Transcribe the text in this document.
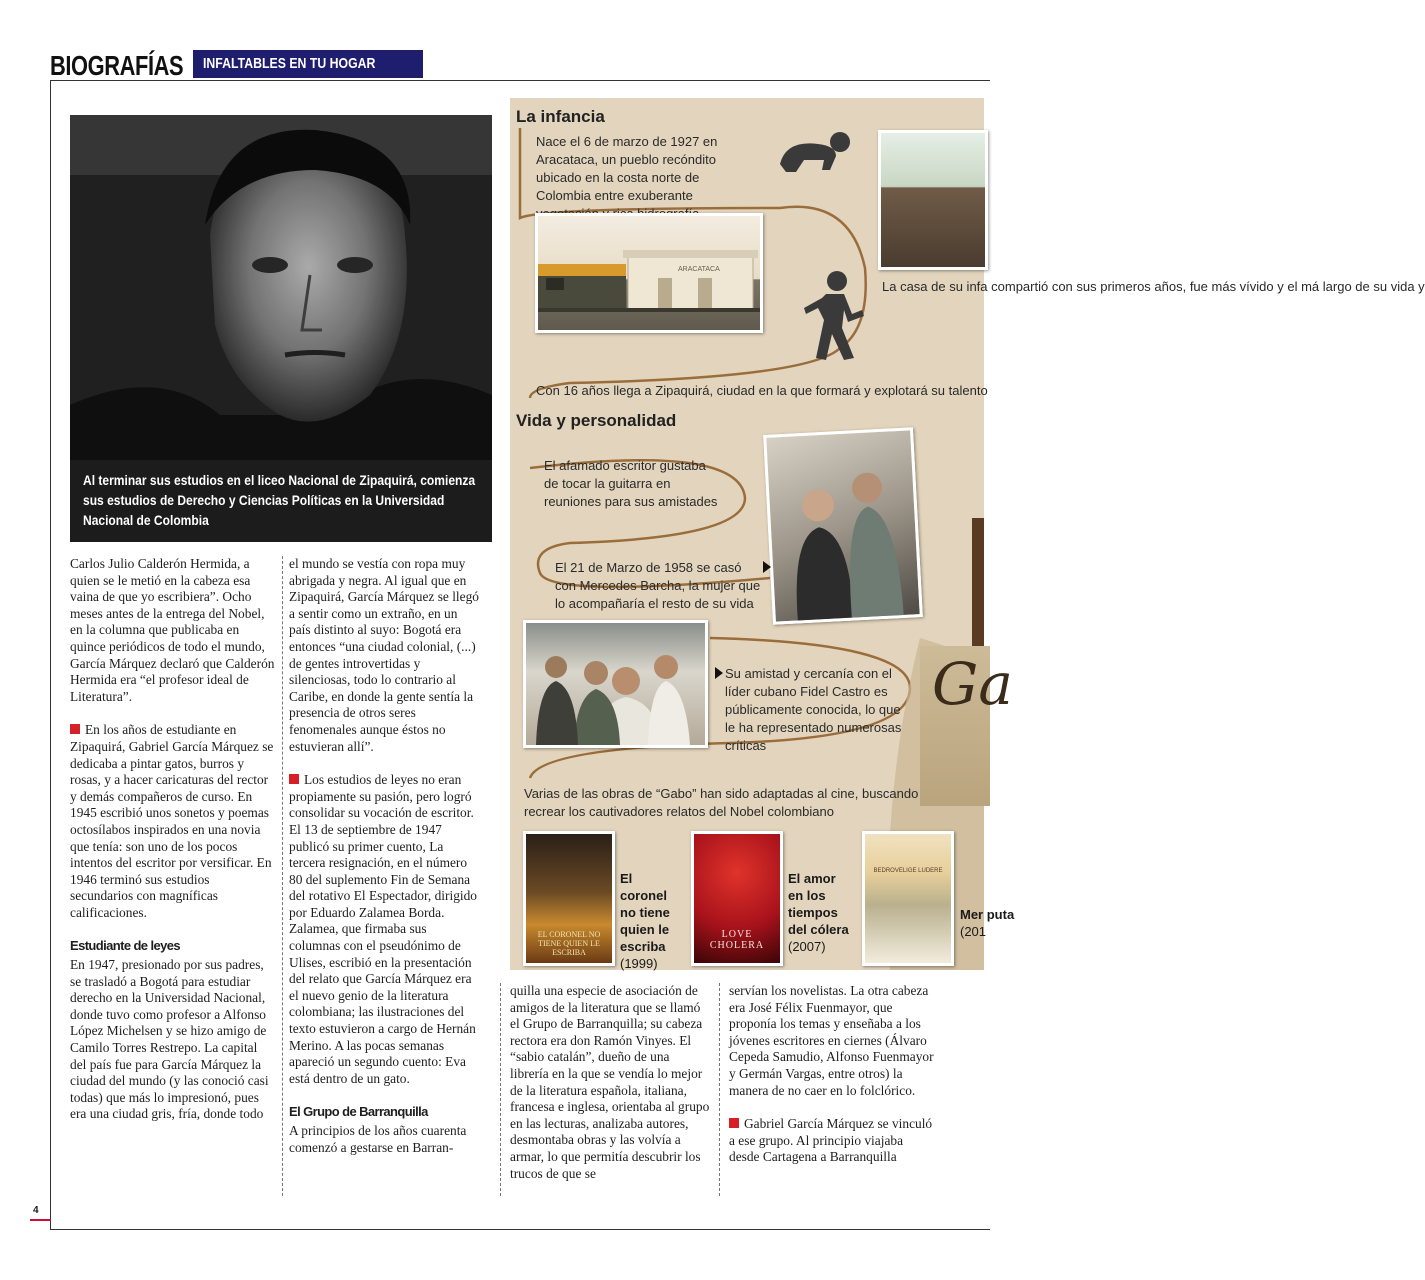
BIOGRAFÍAS	INFALTABLES EN TU HOGAR
4
Al terminar sus estudios en el liceo Nacional de Zipaquirá, comienza sus estudios de Derecho y Ciencias Políticas en la Universidad Nacional de Colombia

Carlos Julio Calderón Hermida, a quien se le metió en la cabeza esa vaina de que yo escribiera”. Ocho meses antes de la entrega del Nobel, en la columna que publicaba en quince periódicos de todo el mundo, García Márquez declaró que Calderón Hermida era “el profesor ideal de Literatura”.

En los años de estudiante en Zipaquirá, Gabriel García Márquez se dedicaba a pintar gatos, burros y rosas, y a hacer caricaturas del rector y demás compañeros de curso. En 1945 escribió unos sonetos y poemas octosílabos inspirados en una novia que tenía: son uno de los pocos intentos del escritor por versificar. En 1946 terminó sus estudios secundarios con magníficas calificaciones.

Estudiante de leyes

En 1947, presionado por sus padres, se trasladó a Bogotá para estudiar derecho en la Universidad Nacional, donde tuvo como profesor a Alfonso López Michelsen y se hizo amigo de Camilo Torres Restrepo. La capital del país fue para García Márquez la ciudad del mundo (y las conoció casi todas) que más lo impresionó, pues era una ciudad gris, fría, donde todo

el mundo se vestía con ropa muy abrigada y negra. Al igual que en Zipaquirá, García Márquez se llegó a sentir como un extraño, en un país distinto al suyo: Bogotá era entonces “una ciudad colonial, (...) de gentes introvertidas y silenciosas, todo lo contrario al Caribe, en donde la gente sentía la presencia de otros seres fenomenales aunque éstos no estuvieran allí”.

Los estudios de leyes no eran propiamente su pasión, pero logró consolidar su vocación de escritor. El 13 de septiembre de 1947 publicó su primer cuento, La tercera resignación, en el número 80 del suplemento Fin de Semana del rotativo El Espectador, dirigido por Eduardo Zalamea Borda. Zalamea, que firmaba sus columnas con el pseudónimo de Ulises, escribió en la presentación del relato que García Márquez era el nuevo genio de la literatura colombiana; las ilustraciones del texto estuvieron a cargo de Hernán Merino. A las pocas semanas apareció un segundo cuento: Eva está dentro de un gato.

El Grupo de Barranquilla

A principios de los años cuarenta comenzó a gestarse en Barran-

quilla una especie de asociación de amigos de la literatura que se llamó el Grupo de Barranquilla; su cabeza rectora era don Ramón Vinyes. El “sabio catalán”, dueño de una librería en la que se vendía lo mejor de la literatura española, italiana, francesa e inglesa, orientaba al grupo en las lecturas, analizaba autores, desmontaba obras y las volvía a armar, lo que permitía descubrir los trucos de que se

servían los novelistas. La otra cabeza era José Félix Fuenmayor, que proponía los temas y enseñaba a los jóvenes escritores en ciernes (Álvaro Cepeda Samudio, Alfonso Fuenmayor y Germán Vargas, entre otros) la manera de no caer en lo folclórico.

Gabriel García Márquez se vinculó a ese grupo. Al principio viajaba desde Cartagena a Barranquilla

La infancia
Nace el 6 de marzo de 1927 en Aracataca, un pueblo recóndito ubicado en la costa norte de Colombia entre exuberante
ARACATACA
La casa de su infa compartió con sus primeros años, fue más vívido y el má largo de su vida y
Con 16 años llega a Zipaquirá, ciudad en la que formará y explotará su talento
Vida y personalidad
El afamado escritor gustaba de tocar la guitarra en reuniones para sus amistades
El 21 de Marzo de 1958 se casó con Mercedes Barcha, la mujer que lo acompañaría el resto de su vida
Su amistad y cercanía con el líder cubano Fidel Castro es públicamente conocida, lo que le ha representado numerosas críticas
Ga
Varias de las obras de “Gabo” han sido adaptadas al cine, buscando recrear los cautivadores relatos del Nobel colombiano
EL CORONEL NO TIENE QUIEN LE ESCRIBA
El coronel no tiene quien le escriba
(1999)
LOVE CHOLERA
El amor en los tiempos del cólera
(2007)
BEDROVELIGE LUDERE
Mer puta
(201
